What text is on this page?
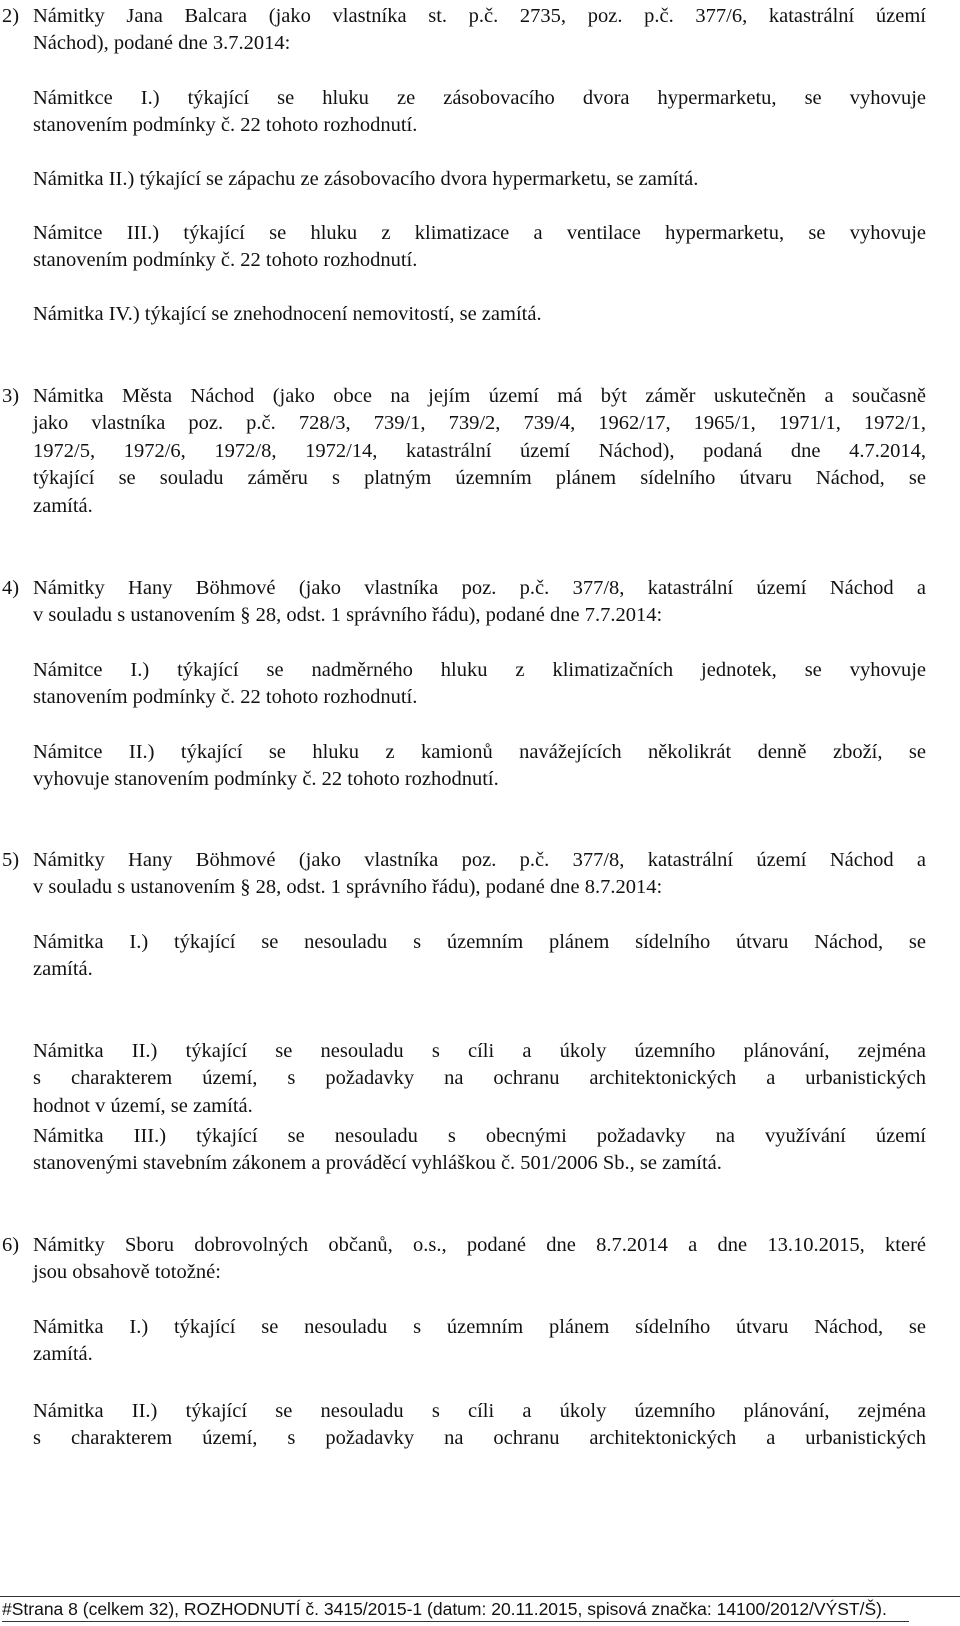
2) Námitky Jana Balcara (jako vlastníka st. p.č. 2735, poz. p.č. 377/6, katastrální území
Náchod), podané dne 3.7.2014:
Námitkce I.) týkající se hluku ze zásobovacího dvora hypermarketu, se vyhovuje
stanovením podmínky č. 22 tohoto rozhodnutí.
Námitka II.) týkající se zápachu ze zásobovacího dvora hypermarketu, se zamítá.
Námitce III.) týkající se hluku z klimatizace a ventilace hypermarketu, se vyhovuje
stanovením podmínky č. 22 tohoto rozhodnutí.
Námitka IV.) týkající se znehodnocení nemovitostí, se zamítá.
3) Námitka Města Náchod (jako obce na jejím území má být záměr uskutečněn a současně
jako vlastníka poz. p.č. 728/3, 739/1, 739/2, 739/4, 1962/17, 1965/1, 1971/1, 1972/1,
1972/5, 1972/6, 1972/8, 1972/14, katastrální území Náchod), podaná dne 4.7.2014,
týkající se souladu záměru s platným územním plánem sídelního útvaru Náchod, se
zamítá.
4) Námitky Hany Böhmové (jako vlastníka poz. p.č. 377/8, katastrální území Náchod a
v souladu s ustanovením § 28, odst. 1 správního řádu), podané dne 7.7.2014:
Námitce I.) týkající se nadměrného hluku z klimatizačních jednotek, se vyhovuje
stanovením podmínky č. 22 tohoto rozhodnutí.
Námitce II.) týkající se hluku z kamionů navážejících několikrát denně zboží, se
vyhovuje stanovením podmínky č. 22 tohoto rozhodnutí.
5) Námitky Hany Böhmové (jako vlastníka poz. p.č. 377/8, katastrální území Náchod a
v souladu s ustanovením § 28, odst. 1 správního řádu), podané dne 8.7.2014:
Námitka I.) týkající se nesouladu s územním plánem sídelního útvaru Náchod, se
zamítá.
Námitka II.) týkající se nesouladu s cíli a úkoly územního plánování, zejména
s charakterem území, s požadavky na ochranu architektonických a urbanistických
hodnot v území, se zamítá.
Námitka III.) týkající se nesouladu s obecnými požadavky na využívání území
stanovenými stavebním zákonem a prováděcí vyhláškou č. 501/2006 Sb., se zamítá.
6) Námitky Sboru dobrovolných občanů, o.s., podané dne 8.7.2014 a dne 13.10.2015, které
jsou obsahově totožné:
Námitka I.) týkající se nesouladu s územním plánem sídelního útvaru Náchod, se
zamítá.
Námitka II.) týkající se nesouladu s cíli a úkoly územního plánování, zejména
s charakterem území, s požadavky na ochranu architektonických a urbanistických
#Strana 8 (celkem 32), ROZHODNUTÍ č. 3415/2015-1 (datum: 20.11.2015, spisová značka: 14100/2012/VÝST/Š).
